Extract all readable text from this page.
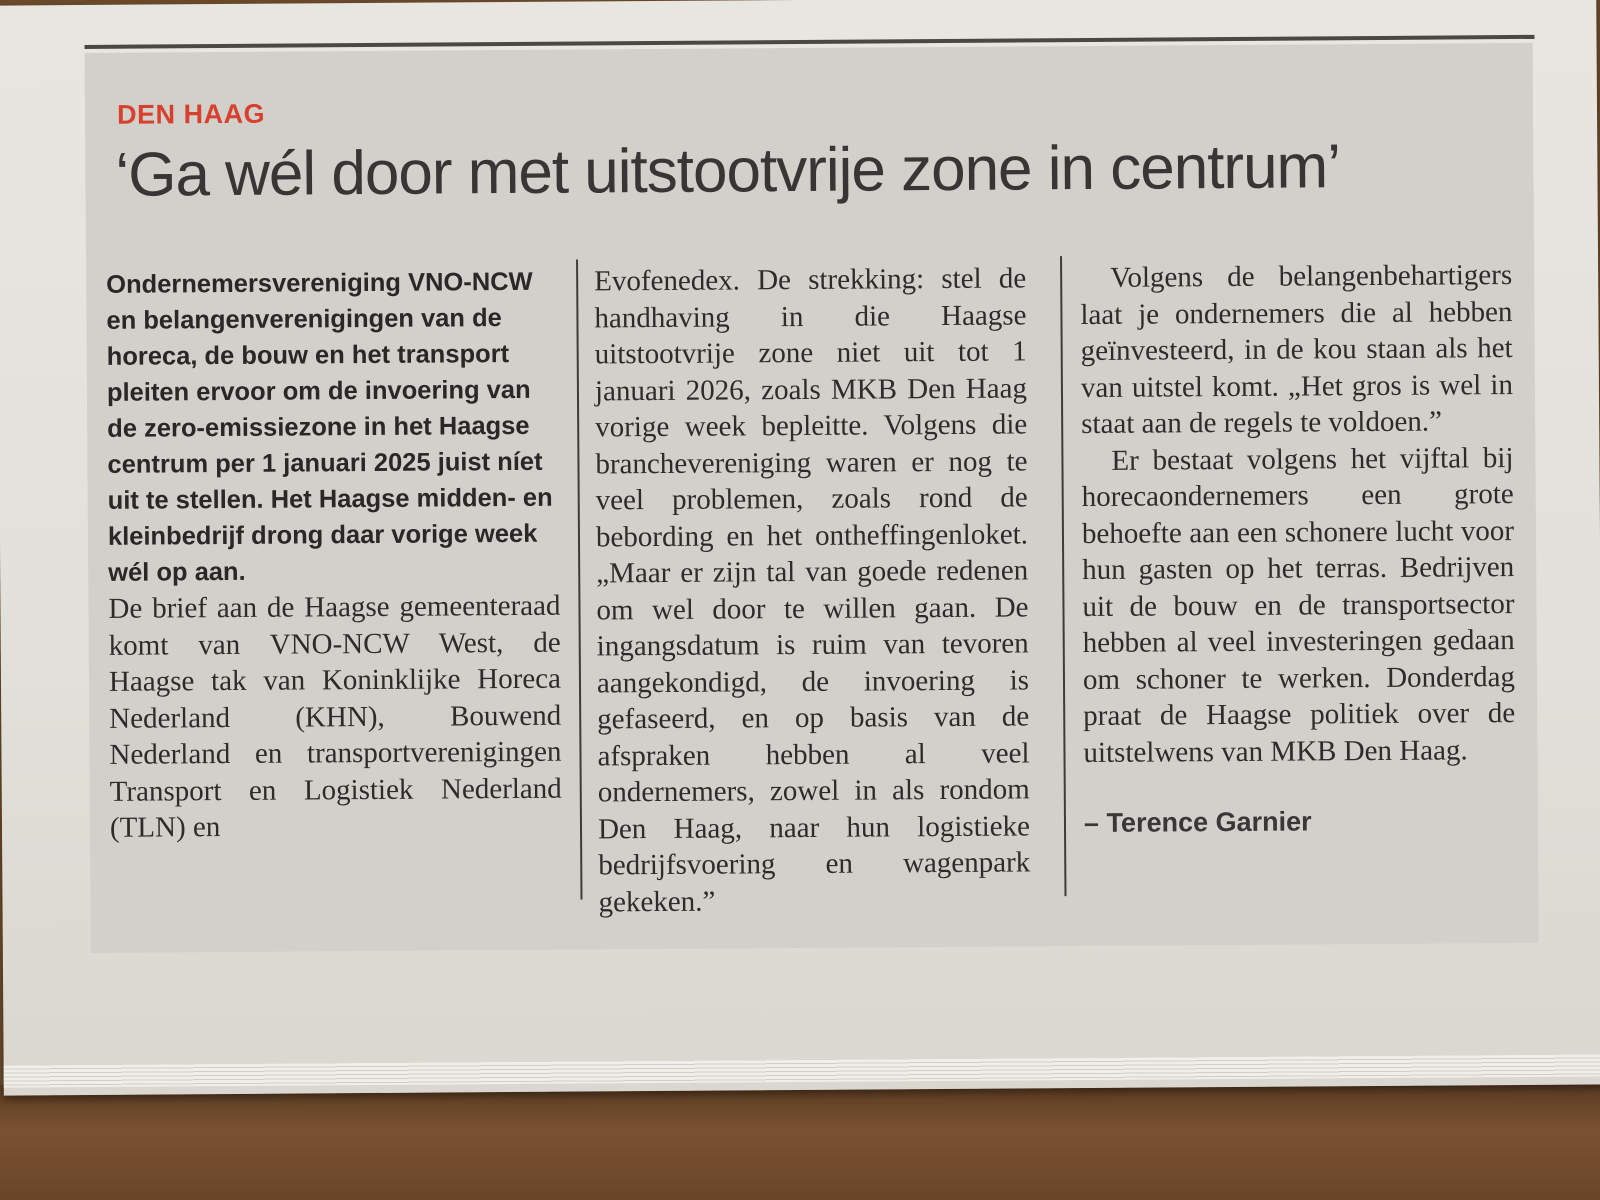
DEN HAAG
‘Ga wél door met uitstootvrije zone in centrum’

Ondernemersvereniging VNO-NCW en belangenverenigingen van de horeca, de bouw en het transport pleiten ervoor om de invoering van de zero-emissiezone in het Haagse centrum per 1 januari 2025 juist níet uit te stellen. Het Haagse midden- en kleinbedrijf drong daar vorige week wél op aan.

De brief aan de Haagse gemeenteraad komt van VNO-NCW West, de Haagse tak van Koninklijke Horeca Nederland (KHN), Bouwend Nederland en transportverenigingen Transport en Logistiek Nederland (TLN) en

Evofenedex. De strekking: stel de handhaving in die Haagse uitstootvrije zone niet uit tot 1 januari 2026, zoals MKB Den Haag vorige week bepleitte. Volgens die branchevereniging waren er nog te veel problemen, zoals rond de bebording en het ontheffingenloket. „Maar er zijn tal van goede redenen om wel door te willen gaan. De ingangsdatum is ruim van tevoren aangekondigd, de invoering is gefaseerd, en op basis van de afspraken hebben al veel ondernemers, zowel in als rondom Den Haag, naar hun logistieke bedrijfsvoering en wagenpark gekeken.”

Volgens de belangenbehartigers laat je ondernemers die al hebben geïnvesteerd, in de kou staan als het van uitstel komt. „Het gros is wel in staat aan de regels te voldoen.”

Er bestaat volgens het vijftal bij horecaondernemers een grote behoefte aan een schonere lucht voor hun gasten op het terras. Bedrijven uit de bouw en de transportsector hebben al veel investeringen gedaan om schoner te werken. Donderdag praat de Haagse politiek over de uitstelwens van MKB Den Haag.

– Terence Garnier
